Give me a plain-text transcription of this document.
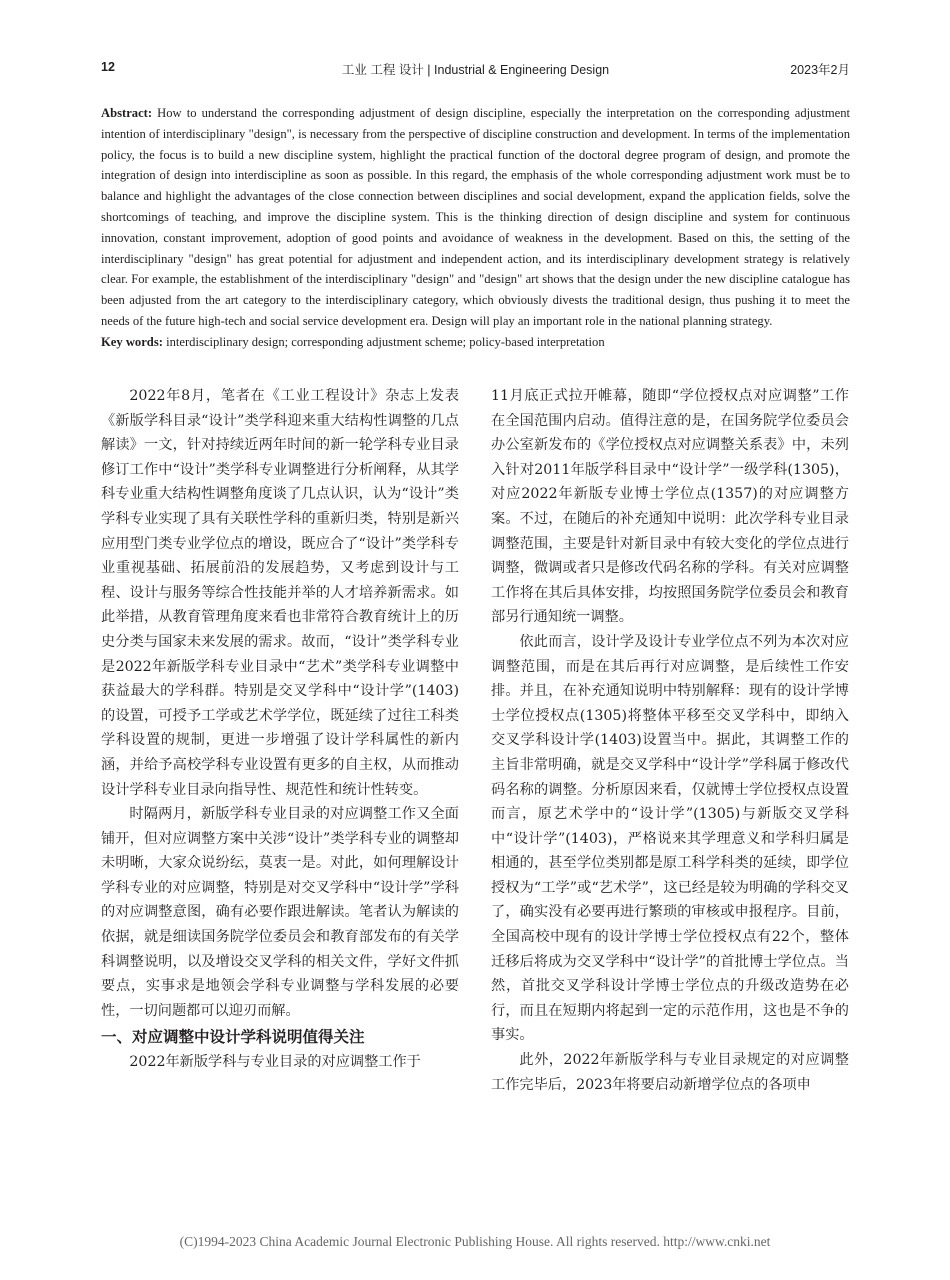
12	工业 工程 设计 | Industrial & Engineering Design	2023年2月

Abstract: How to understand the corresponding adjustment of design discipline, especially the interpretation on the corresponding adjustment intention of interdisciplinary "design", is necessary from the perspective of discipline construction and development. In terms of the implementation policy, the focus is to build a new discipline system, highlight the practical function of the doctoral degree program of design, and promote the integration of design into interdiscipline as soon as possible. In this regard, the emphasis of the whole corresponding adjustment work must be to balance and highlight the advantages of the close connection between disciplines and social development, expand the application fields, solve the shortcomings of teaching, and improve the discipline system. This is the thinking direction of design discipline and system for continuous innovation, constant improvement, adoption of good points and avoidance of weakness in the development. Based on this, the setting of the interdisciplinary "design" has great potential for adjustment and independent action, and its interdisciplinary development strategy is relatively clear. For example, the establishment of the interdisciplinary "design" and "design" art shows that the design under the new discipline catalogue has been adjusted from the art category to the interdisciplinary category, which obviously divests the traditional design, thus pushing it to meet the needs of the future high-tech and social service development era. Design will play an important role in the national planning strategy.

Key words: interdisciplinary design; corresponding adjustment scheme; policy-based interpretation

2022年8月，笔者在《工业工程设计》杂志上发表《新版学科目录“设计”类学科迎来重大结构性调整的几点解读》一文，针对持续近两年时间的新一轮学科专业目录修订工作中“设计”类学科专业调整进行分析阐释，从其学科专业重大结构性调整角度谈了几点认识，认为“设计”类学科专业实现了具有关联性学科的重新归类，特别是新兴应用型门类专业学位点的增设，既应合了“设计”类学科专业重视基础、拓展前沿的发展趋势，又考虑到设计与工程、设计与服务等综合性技能并举的人才培养新需求。如此举措，从教育管理角度来看也非常符合教育统计上的历史分类与国家未来发展的需求。故而，“设计”类学科专业是2022年新版学科专业目录中“艺术”类学科专业调整中获益最大的学科群。特别是交叉学科中“设计学”(1403)的设置，可授予工学或艺术学学位，既延续了过往工科类学科设置的规制，更进一步增强了设计学科属性的新内涵，并给予高校学科专业设置有更多的自主权，从而推动设计学科专业目录向指导性、规范性和统计性转变。

时隔两月，新版学科专业目录的对应调整工作又全面铺开，但对应调整方案中关涉“设计”类学科专业的调整却未明晰，大家众说纷纭，莫衷一是。对此，如何理解设计学科专业的对应调整，特别是对交叉学科中“设计学”学科的对应调整意图，确有必要作跟进解读。笔者认为解读的依据，就是细读国务院学位委员会和教育部发布的有关学科调整说明，以及增设交叉学科的相关文件，学好文件抓要点，实事求是地领会学科专业调整与学科发展的必要性，一切问题都可以迎刃而解。

一、对应调整中设计学科说明值得关注

2022年新版学科与专业目录的对应调整工作于

11月底正式拉开帷幕，随即“学位授权点对应调整”工作在全国范围内启动。值得注意的是，在国务院学位委员会办公室新发布的《学位授权点对应调整关系表》中，未列入针对2011年版学科目录中“设计学”一级学科(1305)，对应2022年新版专业博士学位点(1357)的对应调整方案。不过，在随后的补充通知中说明：此次学科专业目录调整范围，主要是针对新目录中有较大变化的学位点进行调整，微调或者只是修改代码名称的学科。有关对应调整工作将在其后具体安排，均按照国务院学位委员会和教育部另行通知统一调整。

依此而言，设计学及设计专业学位点不列为本次对应调整范围，而是在其后再行对应调整，是后续性工作安排。并且，在补充通知说明中特别解释：现有的设计学博士学位授权点(1305)将整体平移至交叉学科中，即纳入交叉学科设计学(1403)设置当中。据此，其调整工作的主旨非常明确，就是交叉学科中“设计学”学科属于修改代码名称的调整。分析原因来看，仅就博士学位授权点设置而言，原艺术学中的“设计学”(1305)与新版交叉学科中“设计学”(1403)，严格说来其学理意义和学科归属是相通的，甚至学位类别都是原工科学科类的延续，即学位授权为“工学”或“艺术学”，这已经是较为明确的学科交叉了，确实没有必要再进行繁琐的审核或申报程序。目前，全国高校中现有的设计学博士学位授权点有22个，整体迁移后将成为交叉学科中“设计学”的首批博士学位点。当然，首批交叉学科设计学博士学位点的升级改造势在必行，而且在短期内将起到一定的示范作用，这也是不争的事实。

此外，2022年新版学科与专业目录规定的对应调整工作完毕后，2023年将要启动新增学位点的各项申

(C)1994-2023 China Academic Journal Electronic Publishing House. All rights reserved. http://www.cnki.net
